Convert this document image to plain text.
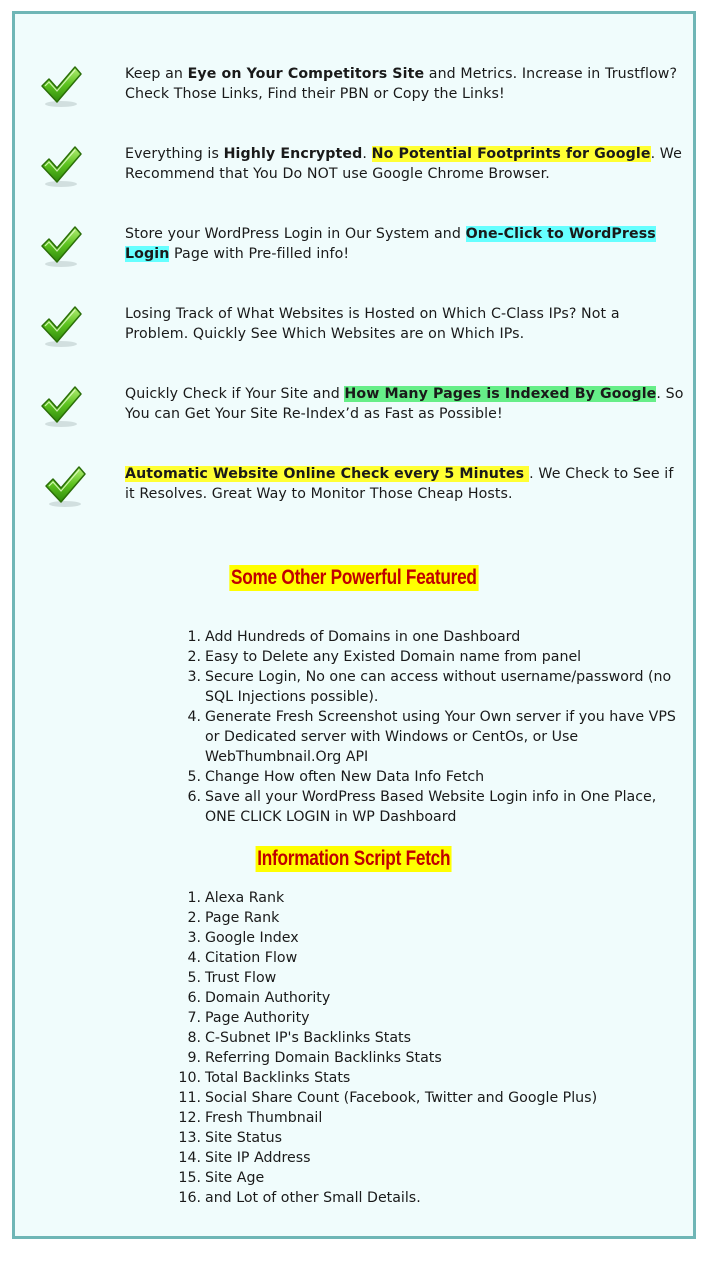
Keep an Eye on Your Competitors Site and Metrics. Increase in Trustflow? Check Those Links, Find their PBN or Copy the Links!
Everything is Highly Encrypted. No Potential Footprints for Google. We Recommend that You Do NOT use Google Chrome Browser.
Store your WordPress Login in Our System and One-Click to WordPress Login Page with Pre-filled info!
Losing Track of What Websites is Hosted on Which C-Class IPs? Not a Problem. Quickly See Which Websites are on Which IPs.
Quickly Check if Your Site and How Many Pages is Indexed By Google. So You can Get Your Site Re-Index’d as Fast as Possible!
Automatic Website Online Check every 5 Minutes . We Check to See if it Resolves. Great Way to Monitor Those Cheap Hosts.
Some Other Powerful Featured
1. Add Hundreds of Domains in one Dashboard
2. Easy to Delete any Existed Domain name from panel
3. Secure Login, No one can access without username/password (no SQL Injections possible).
4. Generate Fresh Screenshot using Your Own server if you have VPS or Dedicated server with Windows or CentOs, or Use WebThumbnail.Org API
5. Change How often New Data Info Fetch
6. Save all your WordPress Based Website Login info in One Place, ONE CLICK LOGIN in WP Dashboard
Information Script Fetch
1. Alexa Rank
2. Page Rank
3. Google Index
4. Citation Flow
5. Trust Flow
6. Domain Authority
7. Page Authority
8. C-Subnet IP's Backlinks Stats
9. Referring Domain Backlinks Stats
10. Total Backlinks Stats
11. Social Share Count (Facebook, Twitter and Google Plus)
12. Fresh Thumbnail
13. Site Status
14. Site IP Address
15. Site Age
16. and Lot of other Small Details.
